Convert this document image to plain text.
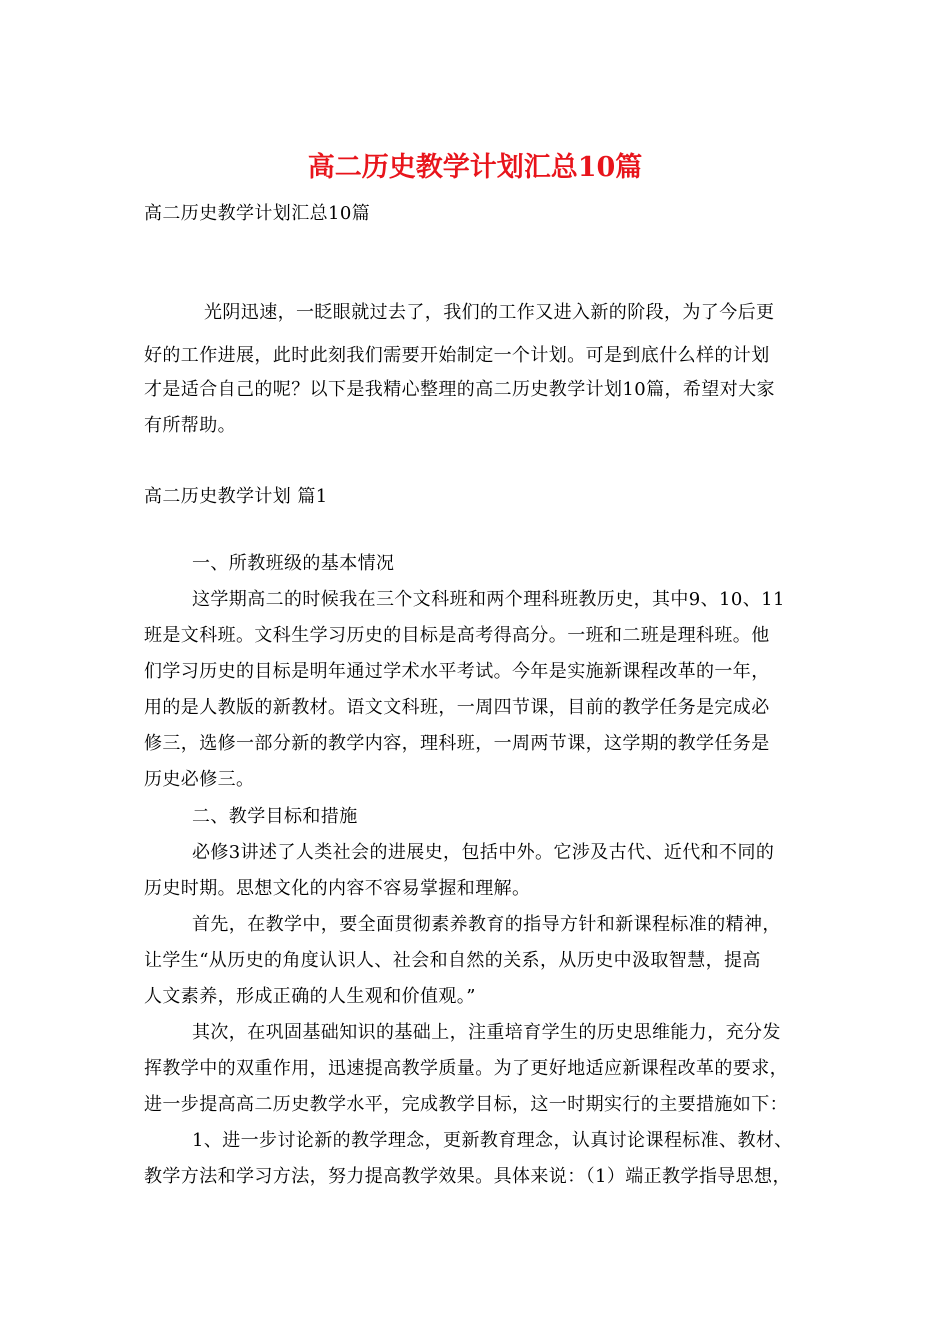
高二历史教学计划汇总10篇
高二历史教学计划汇总10篇
光阴迅速，一眨眼就过去了，我们的工作又进入新的阶段，为了今后更
好的工作进展，此时此刻我们需要开始制定一个计划。可是到底什么样的计划
才是适合自己的呢？以下是我精心整理的高二历史教学计划10篇，希望对大家
有所帮助。
高二历史教学计划 篇1
一、所教班级的基本情况
这学期高二的时候我在三个文科班和两个理科班教历史，其中9、10、11
班是文科班。文科生学习历史的目标是高考得高分。一班和二班是理科班。他
们学习历史的目标是明年通过学术水平考试。今年是实施新课程改革的一年，
用的是人教版的新教材。语文文科班，一周四节课，目前的教学任务是完成必
修三，选修一部分新的教学内容，理科班，一周两节课，这学期的教学任务是
历史必修三。
二、教学目标和措施
必修3讲述了人类社会的进展史，包括中外。它涉及古代、近代和不同的
历史时期。思想文化的内容不容易掌握和理解。
首先，在教学中，要全面贯彻素养教育的指导方针和新课程标准的精神，
让学生“从历史的角度认识人、社会和自然的关系，从历史中汲取智慧，提高
人文素养，形成正确的人生观和价值观。”
其次，在巩固基础知识的基础上，注重培育学生的历史思维能力，充分发
挥教学中的双重作用，迅速提高教学质量。为了更好地适应新课程改革的要求，
进一步提高高二历史教学水平，完成教学目标，这一时期实行的主要措施如下：
1、进一步讨论新的教学理念，更新教育理念，认真讨论课程标准、教材、
教学方法和学习方法，努力提高教学效果。具体来说：（1）端正教学指导思想，
